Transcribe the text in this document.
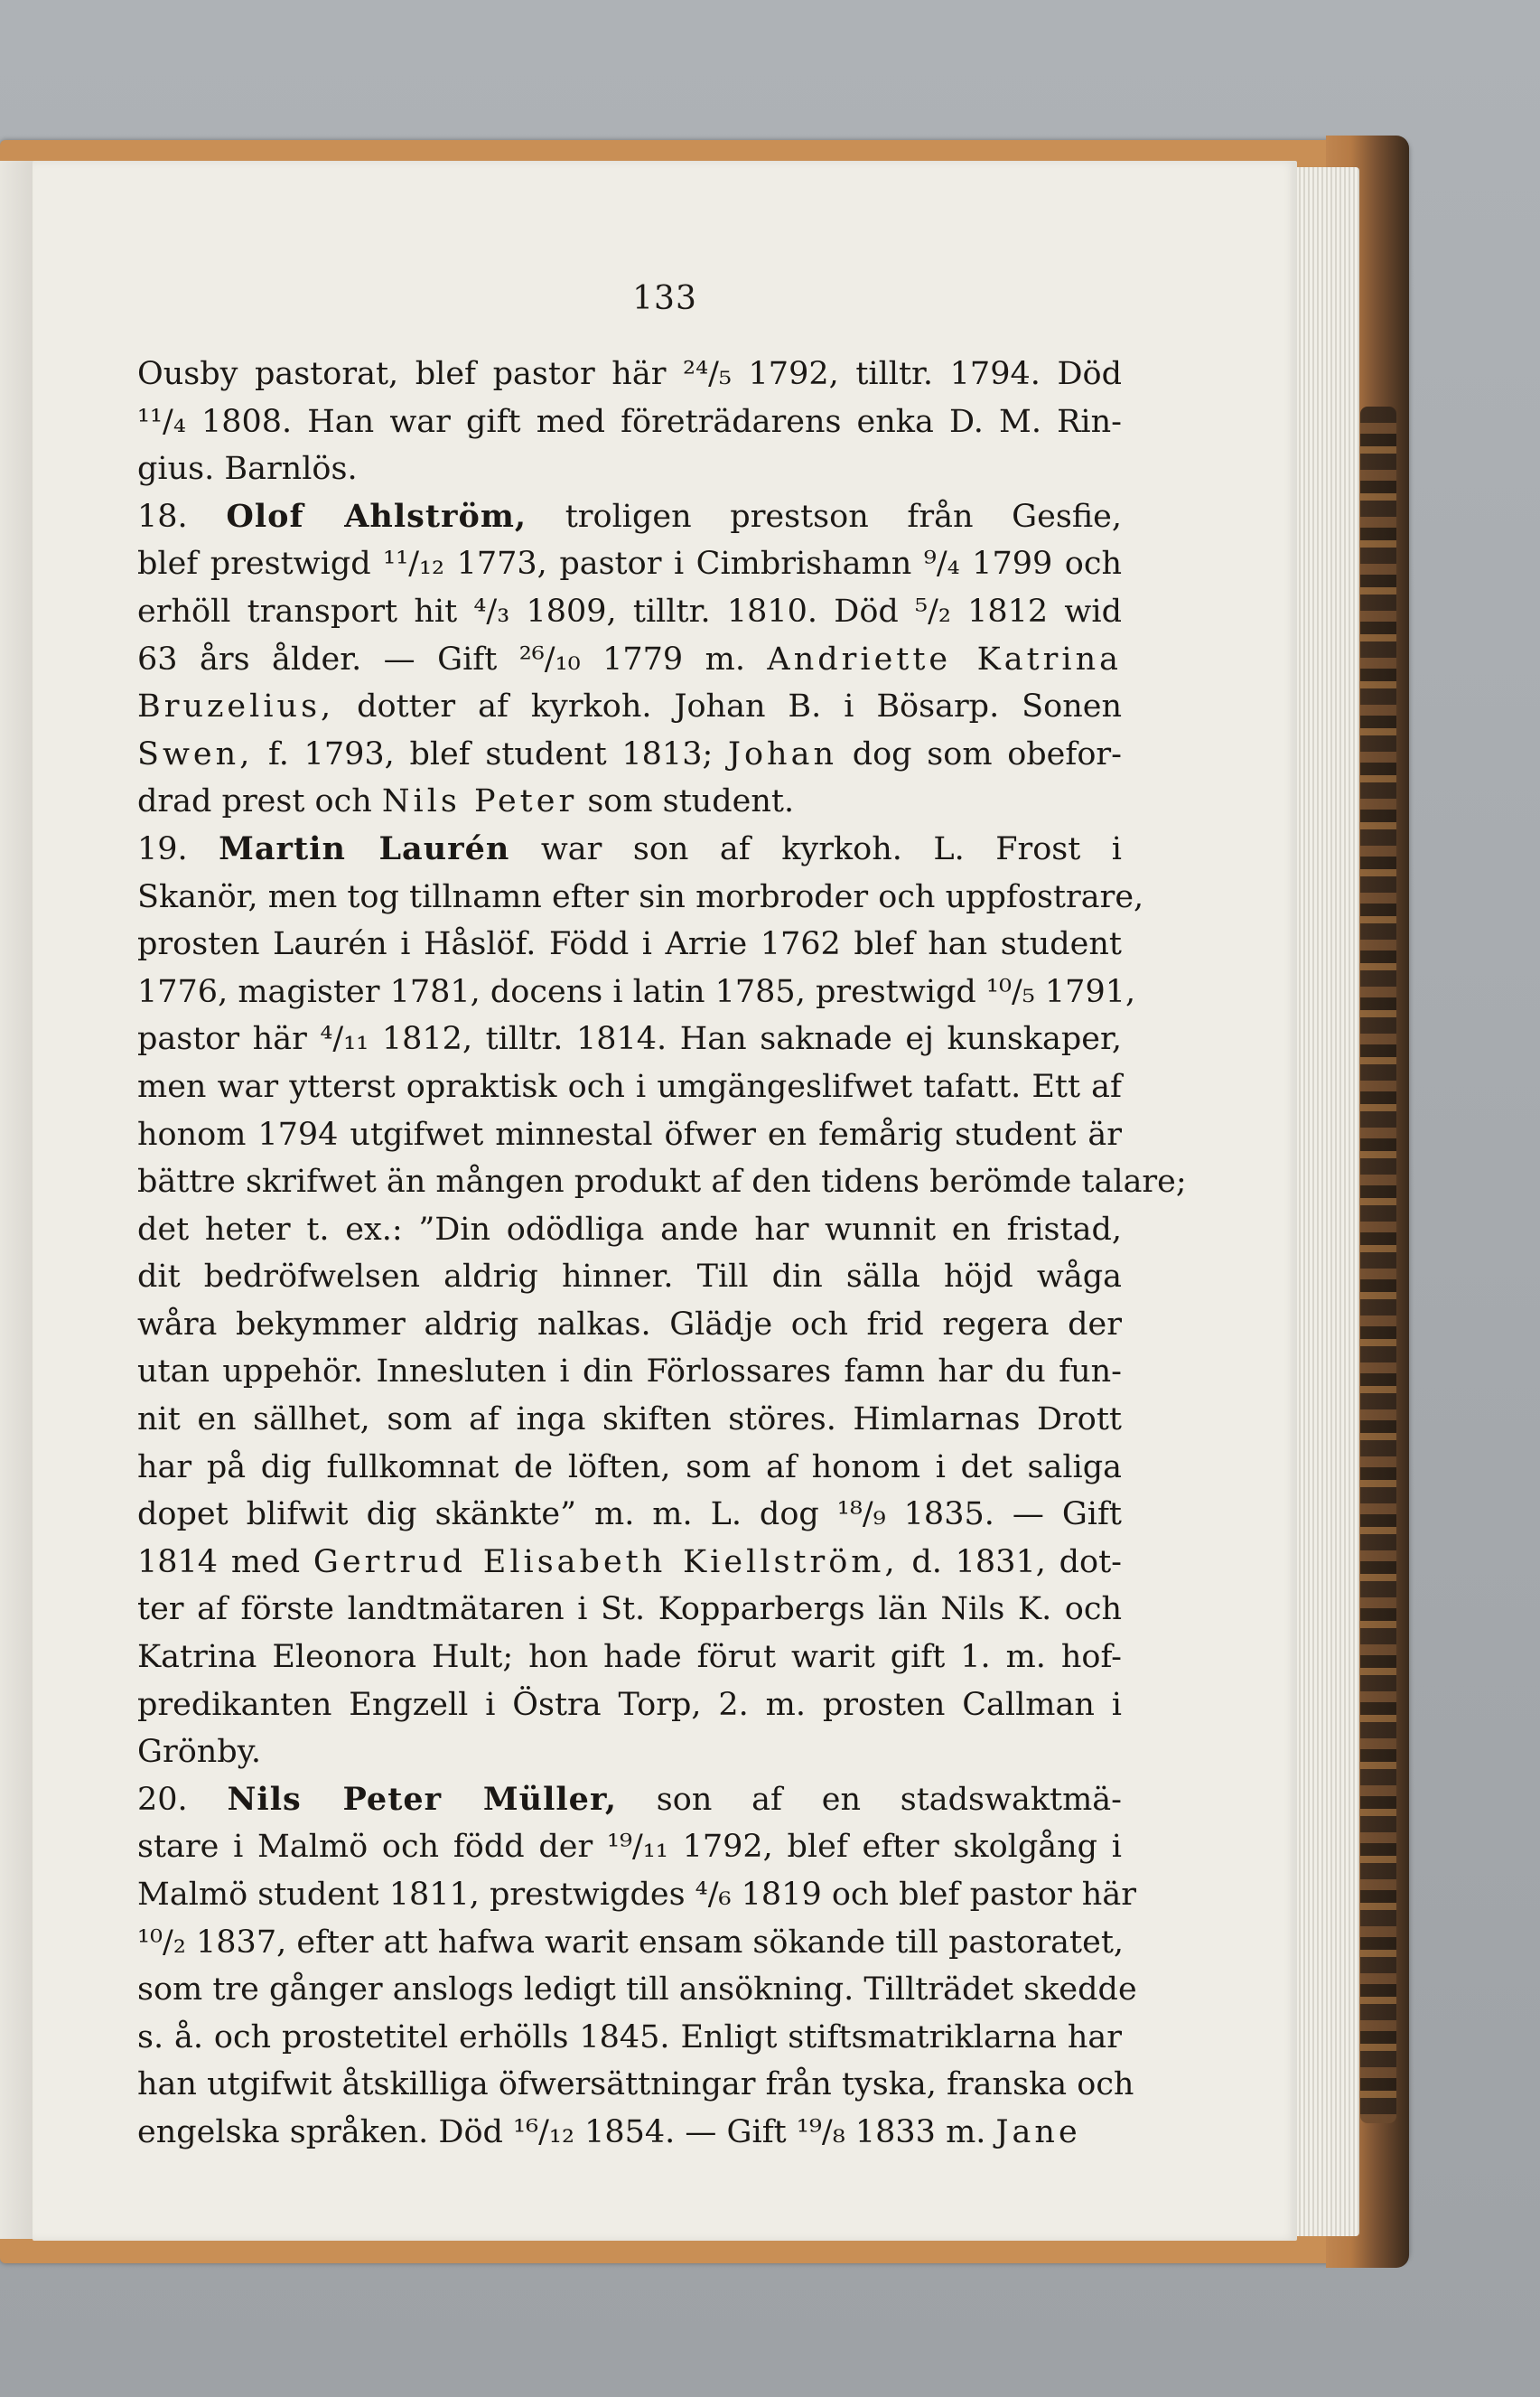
133
Ousby pastorat, blef pastor här ²⁴/₅ 1792, tilltr. 1794. Död
¹¹/₄ 1808. Han war gift med företrädarens enka D. M. Rin-
gius. Barnlös.
18. Olof Ahlström, troligen prestson från Gesfie,
blef prestwigd ¹¹/₁₂ 1773, pastor i Cimbrishamn ⁹/₄ 1799 och
erhöll transport hit ⁴/₃ 1809, tilltr. 1810. Död ⁵/₂ 1812 wid
63 års ålder. — Gift ²⁶/₁₀ 1779 m. Andriette Katrina
Bruzelius, dotter af kyrkoh. Johan B. i Bösarp. Sonen
Swen, f. 1793, blef student 1813; Johan dog som obefor-
drad prest och Nils Peter som student.
19. Martin Laurén war son af kyrkoh. L. Frost i
Skanör, men tog tillnamn efter sin morbroder och uppfostrare,
prosten Laurén i Håslöf. Född i Arrie 1762 blef han student
1776, magister 1781, docens i latin 1785, prestwigd ¹⁰/₅ 1791,
pastor här ⁴/₁₁ 1812, tilltr. 1814. Han saknade ej kunskaper,
men war ytterst opraktisk och i umgängeslifwet tafatt. Ett af
honom 1794 utgifwet minnestal öfwer en femårig student är
bättre skrifwet än mången produkt af den tidens berömde talare;
det heter t. ex.: ”Din odödliga ande har wunnit en fristad,
dit bedröfwelsen aldrig hinner. Till din sälla höjd wåga
wåra bekymmer aldrig nalkas. Glädje och frid regera der
utan uppehör. Innesluten i din Förlossares famn har du fun-
nit en sällhet, som af inga skiften störes. Himlarnas Drott
har på dig fullkomnat de löften, som af honom i det saliga
dopet blifwit dig skänkte” m. m. L. dog ¹⁸/₉ 1835. — Gift
1814 med Gertrud Elisabeth Kiellström, d. 1831, dot-
ter af förste landtmätaren i St. Kopparbergs län Nils K. och
Katrina Eleonora Hult; hon hade förut warit gift 1. m. hof-
predikanten Engzell i Östra Torp, 2. m. prosten Callman i
Grönby.
20. Nils Peter Müller, son af en stadswaktmä-
stare i Malmö och född der ¹⁹/₁₁ 1792, blef efter skolgång i
Malmö student 1811, prestwigdes ⁴/₆ 1819 och blef pastor här
¹⁰/₂ 1837, efter att hafwa warit ensam sökande till pastoratet,
som tre gånger anslogs ledigt till ansökning. Tillträdet skedde
s. å. och prostetitel erhölls 1845. Enligt stiftsmatriklarna har
han utgifwit åtskilliga öfwersättningar från tyska, franska och
engelska språken. Död ¹⁶/₁₂ 1854. — Gift ¹⁹/₈ 1833 m. Jane
